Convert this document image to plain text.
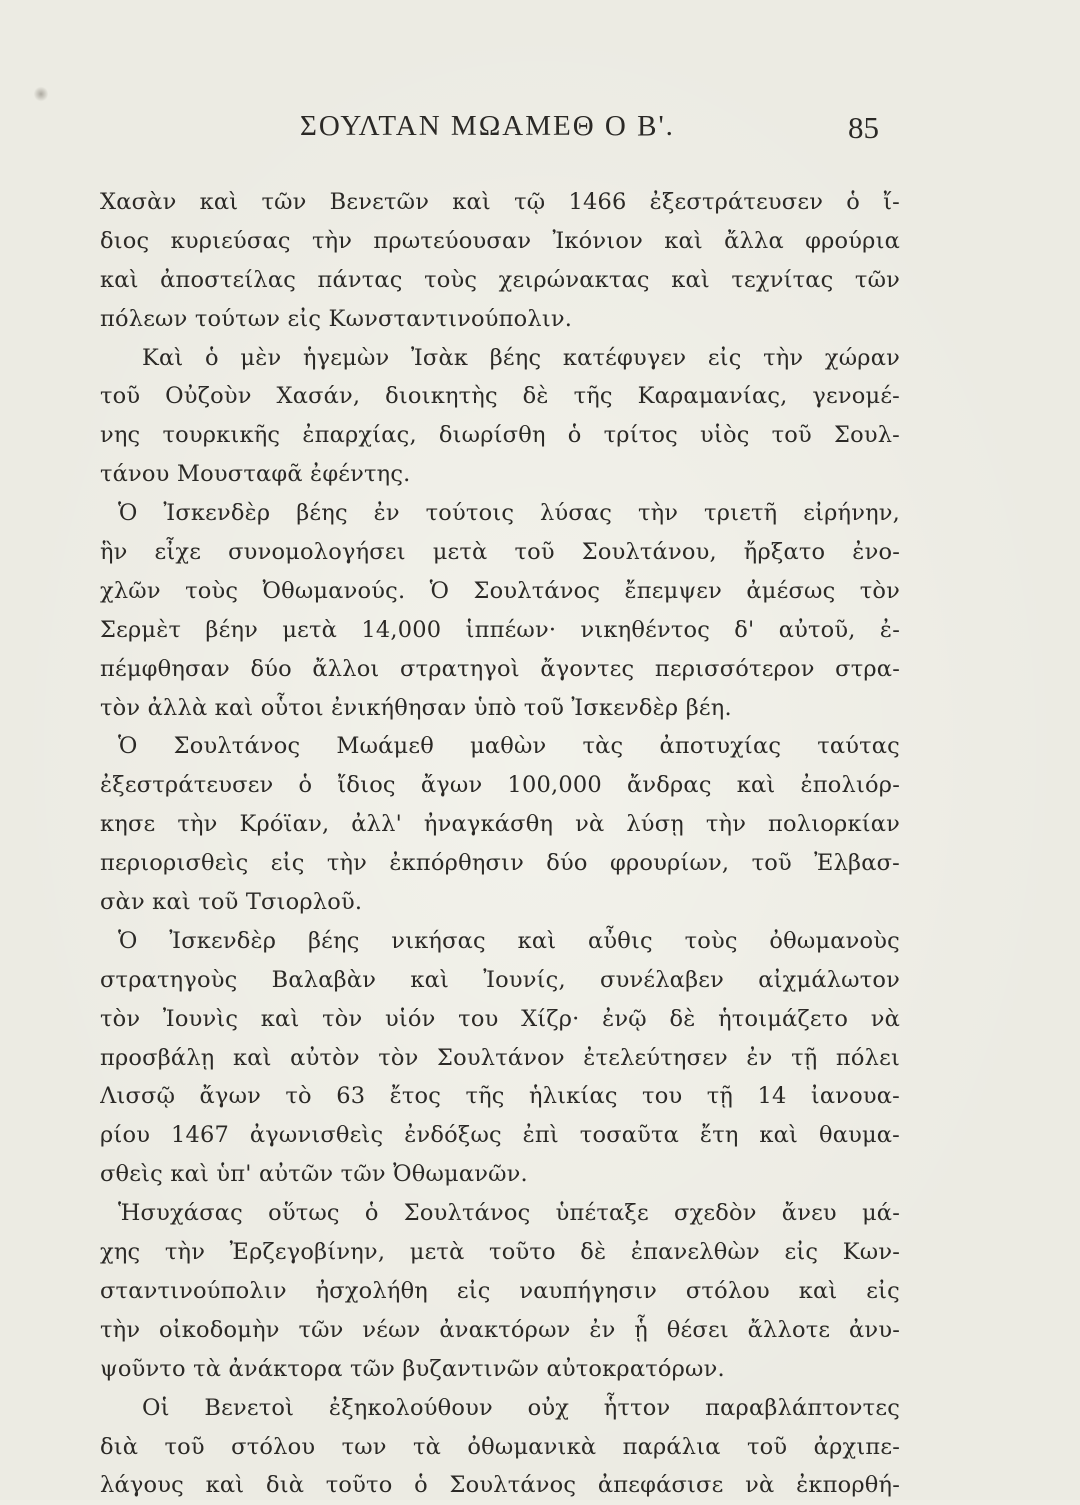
ΣΟΥΛΤΑΝ ΜΩΑΜΕΘ Ο Β'.	85
Χασὰν καὶ τῶν Βενετῶν καὶ τῷ 1466 ἐξεστράτευσεν ὁ ἴ-
διος κυριεύσας τὴν πρωτεύουσαν Ἰκόνιον καὶ ἄλλα φρούρια
καὶ ἀποστείλας πάντας τοὺς χειρώνακτας καὶ τεχνίτας τῶν
πόλεων τούτων εἰς Κωνσταντινούπολιν.
Καὶ ὁ μὲν ἡγεμὼν Ἰσὰκ βέης κατέφυγεν εἰς τὴν χώραν
τοῦ Οὐζοὺν Χασάν, διοικητὴς δὲ τῆς Καραμανίας, γενομέ-
νης τουρκικῆς ἐπαρχίας, διωρίσθη ὁ τρίτος υἱὸς τοῦ Σουλ-
τάνου Μουσταφᾶ ἐφέντης.
Ὁ Ἰσκενδὲρ βέης ἐν τούτοις λύσας τὴν τριετῆ εἰρήνην,
ἣν εἶχε συνομολογήσει μετὰ τοῦ Σουλτάνου, ἤρξατο ἐνο-
χλῶν τοὺς Ὀθωμανούς. Ὁ Σουλτάνος ἔπεμψεν ἀμέσως τὸν
Σερμὲτ βέην μετὰ 14,000 ἱππέων· νικηθέντος δ' αὐτοῦ, ἐ-
πέμφθησαν δύο ἄλλοι στρατηγοὶ ἄγοντες περισσότερον στρα-
τὸν ἀλλὰ καὶ οὗτοι ἐνικήθησαν ὑπὸ τοῦ Ἰσκενδὲρ βέη.
Ὁ Σουλτάνος Μωάμεθ μαθὼν τὰς ἀποτυχίας ταύτας
ἐξεστράτευσεν ὁ ἴδιος ἄγων 100,000 ἄνδρας καὶ ἐπολιόρ-
κησε τὴν Κρόϊαν, ἀλλ' ἠναγκάσθη νὰ λύσῃ τὴν πολιορκίαν
περιορισθεὶς εἰς τὴν ἐκπόρθησιν δύο φρουρίων, τοῦ Ἐλβασ-
σὰν καὶ τοῦ Τσιορλοῦ.
Ὁ Ἰσκενδὲρ βέης νικήσας καὶ αὖθις τοὺς ὀθωμανοὺς
στρατηγοὺς Βαλαβὰν καὶ Ἰουνίς, συνέλαβεν αἰχμάλωτον
τὸν Ἰουνὶς καὶ τὸν υἱόν του Χίζρ· ἐνῷ δὲ ἡτοιμάζετο νὰ
προσβάλῃ καὶ αὐτὸν τὸν Σουλτάνον ἐτελεύτησεν ἐν τῇ πόλει
Λισσῷ ἄγων τὸ 63 ἔτος τῆς ἡλικίας του τῇ 14 ἰανουα-
ρίου 1467 ἀγωνισθεὶς ἐνδόξως ἐπὶ τοσαῦτα ἔτη καὶ θαυμα-
σθεὶς καὶ ὑπ' αὐτῶν τῶν Ὀθωμανῶν.
Ἡσυχάσας οὕτως ὁ Σουλτάνος ὑπέταξε σχεδὸν ἄνευ μά-
χης τὴν Ἐρζεγοβίνην, μετὰ τοῦτο δὲ ἐπανελθὼν εἰς Κων-
σταντινούπολιν ἠσχολήθη εἰς ναυπήγησιν στόλου καὶ εἰς
τὴν οἰκοδομὴν τῶν νέων ἀνακτόρων ἐν ᾗ θέσει ἄλλοτε ἀνυ-
ψοῦντο τὰ ἀνάκτορα τῶν βυζαντινῶν αὐτοκρατόρων.
Οἱ Βενετοὶ ἐξηκολούθουν οὐχ ἧττον παραβλάπτοντες
διὰ τοῦ στόλου των τὰ ὀθωμανικὰ παράλια τοῦ ἀρχιπε-
λάγους καὶ διὰ τοῦτο ὁ Σουλτάνος ἀπεφάσισε νὰ ἐκπορθή-
